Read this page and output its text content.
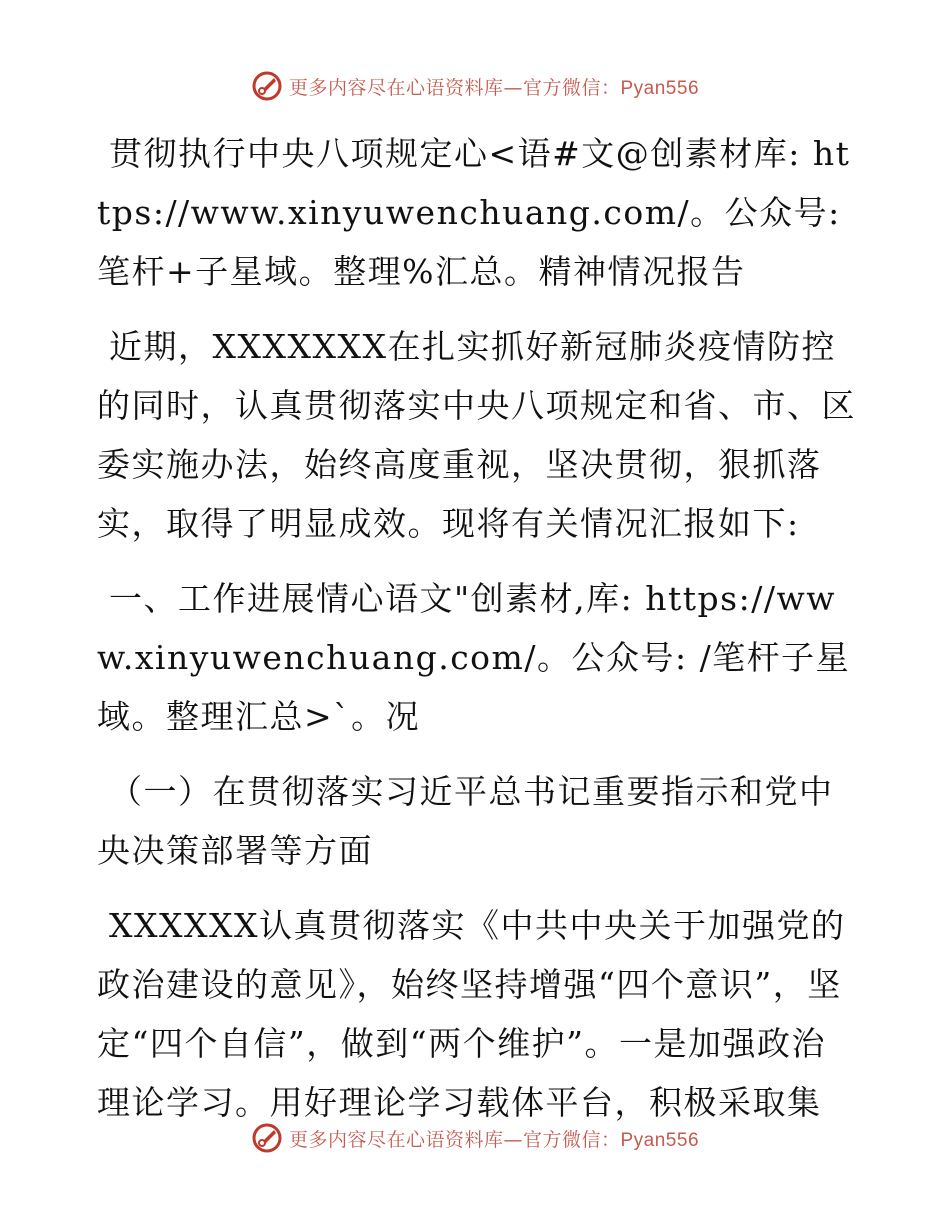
更多内容尽在心语资料库—官方微信：Pyan556

贯彻执行中央八项规定心<语#文@创素材库: https://www.xinyuwenchuang.com/。公众号: 笔杆+子星域。整理%汇总。精神情况报告

近期，XXXXXXX在扎实抓好新冠肺炎疫情防控的同时，认真贯彻落实中央八项规定和省、市、区委实施办法，始终高度重视，坚决贯彻，狠抓落实，取得了明显成效。现将有关情况汇报如下:

一、工作进展情心语文"创素材,库: https://www.xinyuwenchuang.com/。公众号: /笔杆子星域。整理汇总>`。况

（一）在贯彻落实习近平总书记重要指示和党中央决策部署等方面

XXXXXX认真贯彻落实《中共中央关于加强党的政治建设的意见》，始终坚持增强“四个意识”，坚定“四个自信”，做到“两个维护”。一是加强政治理论学习。用好理论学习载体平台，积极采取集

更多内容尽在心语资料库—官方微信：Pyan556
